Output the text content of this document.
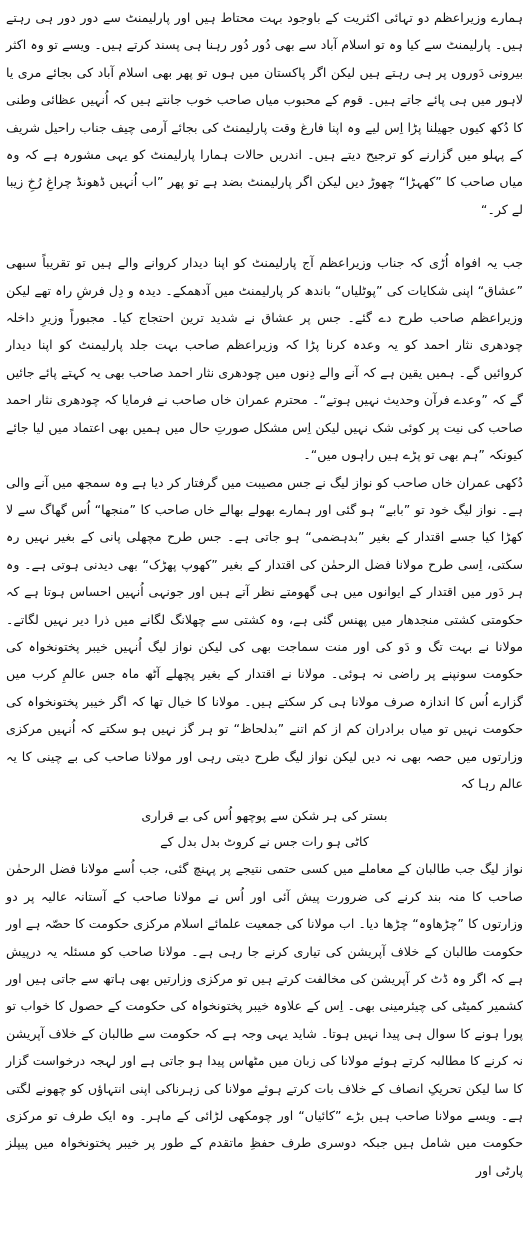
ہمارے وزیراعظم دو تہائی اکثریت کے باوجود بہت محتاط ہیں اور پارلیمنٹ سے دور دور ہی رہتے ہیں۔ پارلیمنٹ سے کیا وہ تو اسلام آباد سے بھی دُور دُور رہنا ہی پسند کرتے ہیں۔ ویسے تو وہ اکثر بیرونی دَوروں پر ہی رہتے ہیں لیکن اگر پاکستان میں ہوں تو پھر بھی اسلام آباد کی بجائے مری یا لاہور میں ہی پائے جاتے ہیں۔ قوم کے محبوب میاں صاحب خوب جانتے ہیں کہ اُنہیں عظائی وطنی کا دُکھ کیوں جھیلنا پڑا اِس لیے وہ اپنا فارغ وقت پارلیمنٹ کی بجائے آرمی چیف جناب راحیل شریف کے پہلو میں گزارنے کو ترجیح دیتے ہیں۔ اندریں حالات ہمارا پارلیمنٹ کو یہی مشورہ ہے کہ وہ میاں صاحب کا ”کھہڑا“ چھوڑ دیں لیکن اگر پارلیمنٹ بضد ہے تو پھر ”اب اُنہیں ڈھونڈ چراغِ رُخِ زیبا لے کر۔“

جب یہ افواہ اُڑی کہ جناب وزیراعظم آج پارلیمنٹ کو اپنا دیدار کروانے والے ہیں تو تقریباً سبھی ”عشاق“ اپنی شکایات کی ”پوٹلیاں“ باندھ کر پارلیمنٹ میں آدھمکے۔ دیدہ و دِل فرشِ راہ تھے لیکن وزیراعظم صاحب طرح دے گئے۔ جس پر عشاق نے شدید ترین احتجاج کیا۔ مجبوراً وزیرِ داخلہ چودھری نثار احمد کو یہ وعدہ کرنا پڑا کہ وزیراعظم صاحب بہت جلد پارلیمنٹ کو اپنا دیدار کروائیں گے۔ ہمیں یقین ہے کہ آنے والے دِنوں میں چودھری نثار احمد صاحب بھی یہ کہتے پائے جائیں گے کہ ”وعدے فرآن وحدیث نہیں ہوتے“۔ محترم عمران خاں صاحب نے فرمایا کہ چودھری نثار احمد صاحب کی نیت پر کوئی شک نہیں لیکن اِس مشکل صورتِ حال میں ہمیں بھی اعتماد میں لیا جائے کیونکہ ”ہم بھی تو پڑے ہیں راہوں میں“۔

دُکھی عمران خاں صاحب کو نواز لیگ نے جس مصیبت میں گرفتار کر دیا ہے وہ سمجھ میں آنے والی ہے۔ نواز لیگ خود تو ”بابے“ ہو گئی اور ہمارے بھولے بھالے خاں صاحب کا ”منجھا“ اُس گھاگ سے لا کھڑا کیا جسے اقتدار کے بغیر ”بدہضمی“ ہو جاتی ہے۔ جس طرح مچھلی پانی کے بغیر نہیں رہ سکتی، اِسی طرح مولانا فضل الرحمٰن کی اقتدار کے بغیر ”کھوپ پھڑک“ بھی دیدنی ہوتی ہے۔ وہ ہر دَور میں اقتدار کے ایوانوں میں ہی گھومتے نظر آتے ہیں اور جونہی اُنہیں احساس ہوتا ہے کہ حکومتی کشتی منجدھار میں پھنس گئی ہے، وہ کشتی سے چھلانگ لگانے میں ذرا دیر نہیں لگاتے۔ مولانا نے بہت تگ و دَو کی اور منت سماجت بھی کی لیکن نواز لیگ اُنہیں خیبر پختونخواہ کی حکومت سونپنے پر راضی نہ ہوئی۔ مولانا نے اقتدار کے بغیر پچھلے آٹھ ماہ جس عالمِ کرب میں گزارے اُس کا اندازہ صرف مولانا ہی کر سکتے ہیں۔ مولانا کا خیال تھا کہ اگر خیبر پختونخواہ کی حکومت نہیں تو میاں برادران کم از کم اتنے ”بدلحاظ“ تو ہر گز نہیں ہو سکتے کہ اُنہیں مرکزی وزارتوں میں حصہ بھی نہ دیں لیکن نواز لیگ طرح دیتی رہی اور مولانا صاحب کی بے چینی کا یہ عالم رہا کہ

بستر کی ہر شکن سے پوچھو اُس کی بے قراری
کاٹی ہو رات جس نے کروٹ بدل بدل کے

نواز لیگ جب طالبان کے معاملے میں کسی حتمی نتیجے پر پہنچ گئی، جب اُسے مولانا فضل الرحمٰن صاحب کا منہ بند کرنے کی ضرورت پیش آئی اور اُس نے مولانا صاحب کے آستانہ عالیہ پر دو وزارتوں کا ”چڑھاوہ“ چڑھا دیا۔ اب مولانا کی جمعیت علمائے اسلام مرکزی حکومت کا حصّہ ہے اور حکومت طالبان کے خلاف آپریشن کی تیاری کرنے جا رہی ہے۔ مولانا صاحب کو مسئلہ یہ درپیش ہے کہ اگر وہ ڈٹ کر آپریشن کی مخالفت کرتے ہیں تو مرکزی وزارتیں بھی ہاتھ سے جاتی ہیں اور کشمیر کمیٹی کی چیئرمینی بھی۔ اِس کے علاوہ خیبر پختونخواہ کی حکومت کے حصول کا خواب تو پورا ہونے کا سوال ہی پیدا نہیں ہوتا۔ شاید یہی وجہ ہے کہ حکومت سے طالبان کے خلاف آپریشن نہ کرنے کا مطالبہ کرتے ہوئے مولانا کی زبان میں مٹھاس پیدا ہو جاتی ہے اور لہجہ درخواست گزار کا سا لیکن تحریکِ انصاف کے خلاف بات کرتے ہوئے مولانا کی زہرناکی اپنی انتہاؤں کو چھونے لگتی ہے۔ ویسے مولانا صاحب ہیں بڑے ”کائیاں“ اور چومکھی لڑائی کے ماہر۔ وہ ایک طرف تو مرکزی حکومت میں شامل ہیں جبکہ دوسری طرف حفظِ ماتقدم کے طور پر خیبر پختونخواہ میں پیپلز پارٹی اور
